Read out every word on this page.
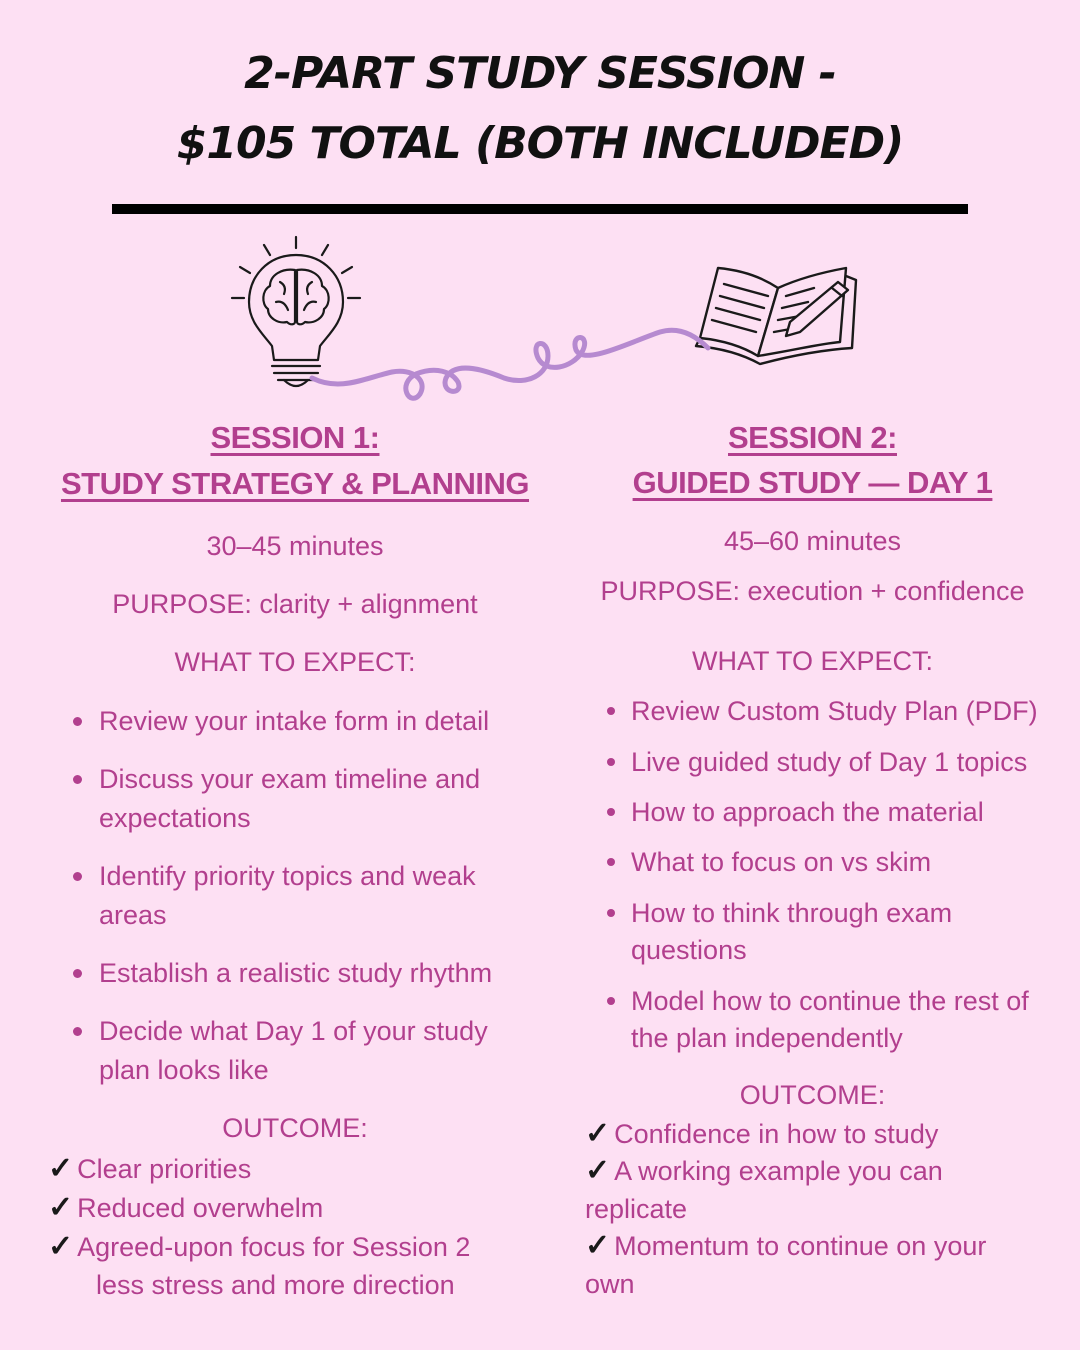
2-PART STUDY SESSION -
$105 TOTAL (BOTH INCLUDED)
SESSION 1:
STUDY STRATEGY & PLANNING
30–45 minutes
PURPOSE: clarity + alignment
WHAT TO EXPECT:
Review your intake form in detail
Discuss your exam timeline and expectations
Identify priority topics and weak areas
Establish a realistic study rhythm
Decide what Day 1 of your study plan looks like
OUTCOME:
✓ Clear priorities
✓ Reduced overwhelm
✓ Agreed-upon focus for Session 2
less stress and more direction
SESSION 2:
GUIDED STUDY — DAY 1
45–60 minutes
PURPOSE: execution + confidence
WHAT TO EXPECT:
Review Custom Study Plan (PDF)
Live guided study of Day 1 topics
How to approach the material
What to focus on vs skim
How to think through exam questions
Model how to continue the rest of the plan independently
OUTCOME:
✓ Confidence in how to study
✓ A working example you can replicate
✓ Momentum to continue on your own
